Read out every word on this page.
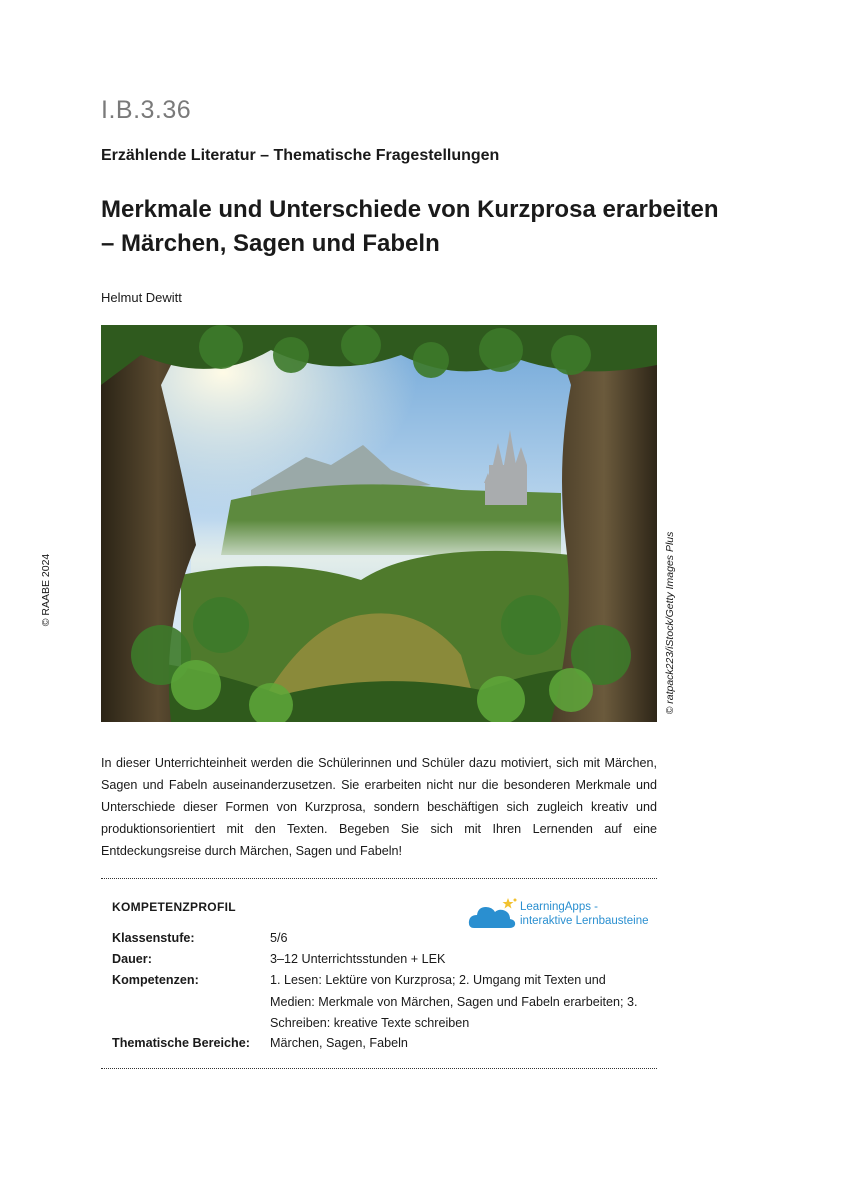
I.B.3.36
Erzählende Literatur – Thematische Fragestellungen
Merkmale und Unterschiede von Kurzprosa erarbeiten – Märchen, Sagen und Fabeln
Helmut Dewitt
© RAABE 2024	© ratpack223/iStock/Getty Images Plus
In dieser Unterrichteinheit werden die Schülerinnen und Schüler dazu motiviert, sich mit Märchen, Sagen und Fabeln auseinanderzusetzen. Sie erarbeiten nicht nur die besonderen Merkmale und Unterschiede dieser Formen von Kurzprosa, sondern beschäftigen sich zugleich kreativ und produktionsorientiert mit den Texten. Begeben Sie sich mit Ihren Lernenden auf eine Entdeckungsreise durch Märchen, Sagen und Fabeln!
KOMPETENZPROFIL	LearningApps -
interaktive Lernbausteine
Klassenstufe:	5/6
Dauer:	3–12 Unterrichtsstunden + LEK
Kompetenzen:	1. Lesen: Lektüre von Kurzprosa; 2. Umgang mit Texten und Medien: Merkmale von Märchen, Sagen und Fabeln erarbeiten; 3. Schreiben: kreative Texte schreiben
Thematische Bereiche: Märchen, Sagen, Fabeln
